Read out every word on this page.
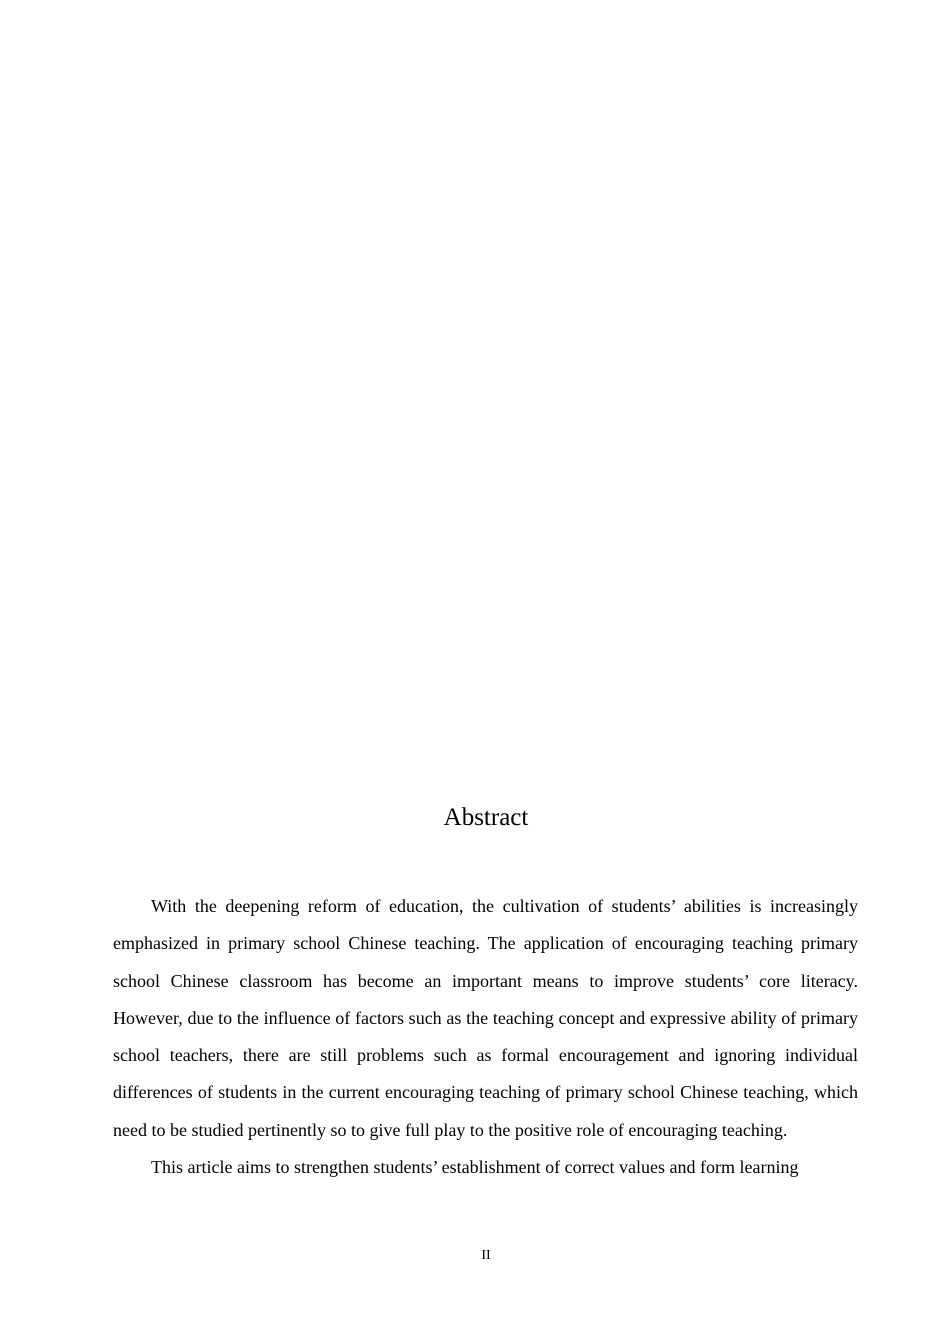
Abstract

With the deepening reform of education, the cultivation of students’ abilities is increasingly emphasized in primary school Chinese teaching. The application of encouraging teaching primary school Chinese classroom has become an important means to improve students’ core literacy. However, due to the influence of factors such as the teaching concept and expressive ability of primary school teachers, there are still problems such as formal encouragement and ignoring individual differences of students in the current encouraging teaching of primary school Chinese teaching, which need to be studied pertinently so to give full play to the positive role of encouraging teaching.

This article aims to strengthen students’ establishment of correct values and form learning

II
